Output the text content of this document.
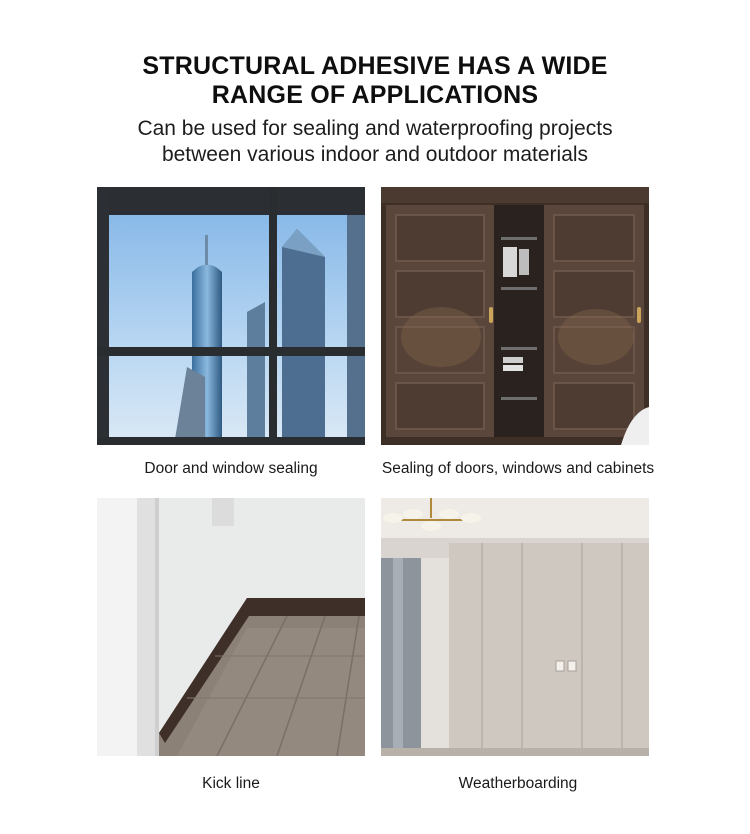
STRUCTURAL ADHESIVE HAS A WIDE
RANGE OF APPLICATIONS
Can be used for sealing and waterproofing projects
between various indoor and outdoor materials
Door and window sealing	Sealing of doors, windows and cabinets
Kick line	Weatherboarding
